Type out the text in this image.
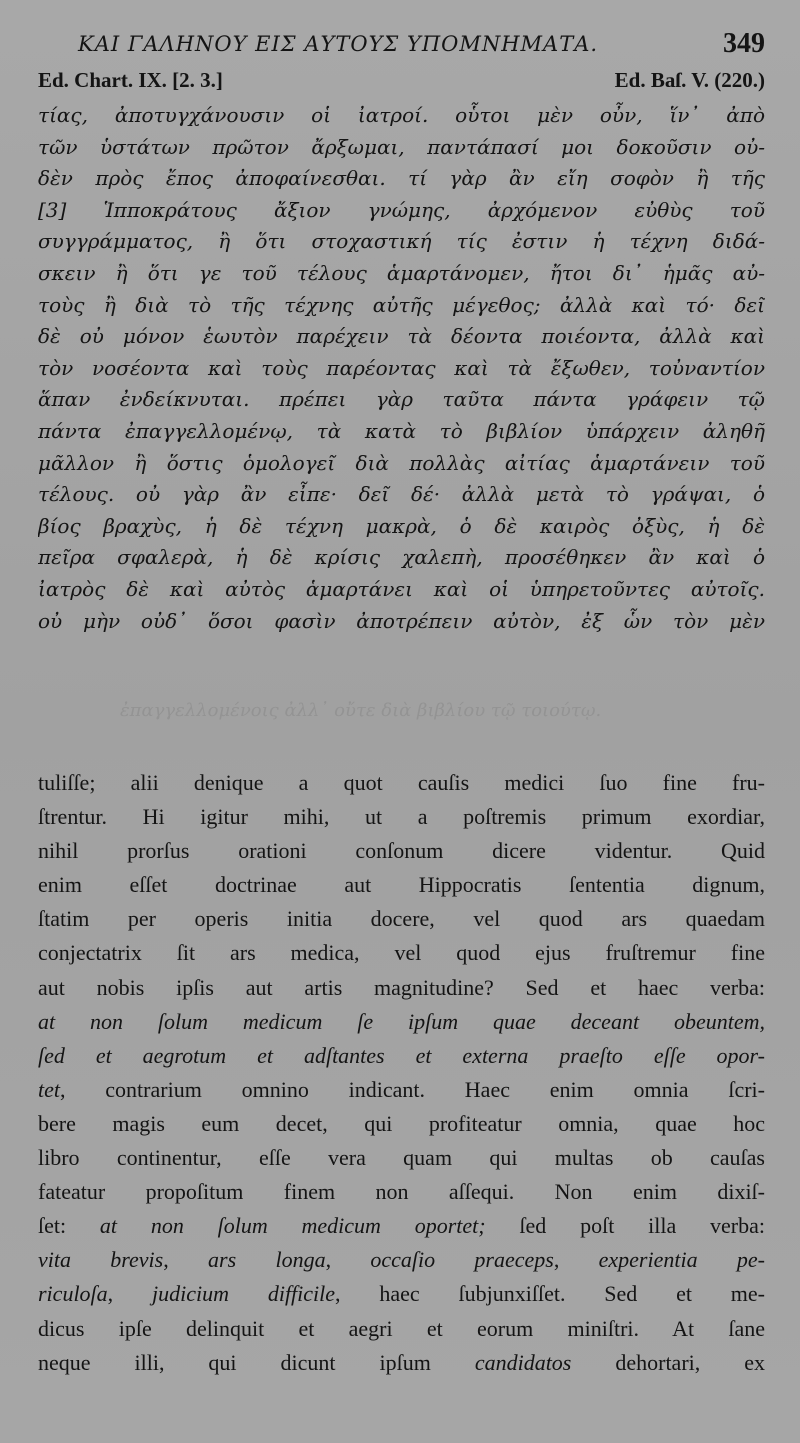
ΚΑΙ ΓΑΛΗΝΟΥ ΕΙΣ ΑΥΤΟΥΣ ΥΠΟΜΝΗΜΑΤΑ.	349
Ed. Chart. IX. [2. 3.]	Ed. Baſ. V. (220.)
τίας, ἀποτυγχάνουσιν οἱ ἰατροί. οὗτοι μὲν οὖν, ἵν᾽ ἀπὸ
τῶν ὑστάτων πρῶτον ἄρξωμαι, παντάπασί μοι δοκοῦσιν οὐ-
δὲν πρὸς ἔπος ἀποφαίνεσθαι. τί γὰρ ἂν εἴη σοφὸν ἢ τῆς
[3] Ἱπποκράτους ἄξιον γνώμης, ἀρχόμενον εὐθὺς τοῦ
συγγράμματος, ἢ ὅτι στοχαστική τίς ἐστιν ἡ τέχνη διδά-
σκειν ἢ ὅτι γε τοῦ τέλους ἁμαρτάνομεν, ἤτοι δι᾽ ἡμᾶς αὐ-
τοὺς ἢ διὰ τὸ τῆς τέχνης αὐτῆς μέγεθος; ἀλλὰ καὶ τό· δεῖ
δὲ οὐ μόνον ἑωυτὸν παρέχειν τὰ δέοντα ποιέοντα, ἀλλὰ καὶ
τὸν νοσέοντα καὶ τοὺς παρέοντας καὶ τὰ ἔξωθεν, τοὐναντίον
ἅπαν ἐνδείκνυται. πρέπει γὰρ ταῦτα πάντα γράφειν τῷ
πάντα ἐπαγγελλομένῳ, τὰ κατὰ τὸ βιβλίον ὑπάρχειν ἀληθῆ
μᾶλλον ἢ ὅστις ὁμολογεῖ διὰ πολλὰς αἰτίας ἁμαρτάνειν τοῦ
τέλους. οὐ γὰρ ἂν εἶπε· δεῖ δέ· ἀλλὰ μετὰ τὸ γράψαι, ὁ
βίος βραχὺς, ἡ δὲ τέχνη μακρὰ, ὁ δὲ καιρὸς ὀξὺς, ἡ δὲ
πεῖρα σφαλερὰ, ἡ δὲ κρίσις χαλεπὴ, προσέθηκεν ἂν καὶ ὁ
ἰατρὸς δὲ καὶ αὐτὸς ἁμαρτάνει καὶ οἱ ὑπηρετοῦντες αὐτοῖς.
οὐ μὴν οὐδ᾽ ὅσοι φασὶν ἀποτρέπειν αὐτὸν, ἐξ ὧν τὸν μὲν
ἐπαγγελλομένοις ἀλλ᾽ οὔτε διὰ βιβλίου τῷ τοιούτῳ.
tuliſſe; alii denique a quot cauſis medici ſuo fine fru-
ſtrentur. Hi igitur mihi, ut a poſtremis primum exordiar,
nihil prorſus orationi conſonum dicere videntur. Quid
enim eſſet doctrinae aut Hippocratis ſententia dignum,
ſtatim per operis initia docere, vel quod ars quaedam
conjectatrix ſit ars medica, vel quod ejus fruſtremur fine
aut nobis ipſis aut artis magnitudine? Sed et haec verba:
at non ſolum medicum ſe ipſum quae deceant obeuntem,
ſed et aegrotum et adſtantes et externa praeſto eſſe opor-
tet, contrarium omnino indicant. Haec enim omnia ſcri-
bere magis eum decet, qui profiteatur omnia, quae hoc
libro continentur, eſſe vera quam qui multas ob cauſas
fateatur propoſitum finem non aſſequi. Non enim dixiſ-
ſet: at non ſolum medicum oportet; ſed poſt illa verba:
vita brevis, ars longa, occaſio praeceps, experientia pe-
riculoſa, judicium difficile, haec ſubjunxiſſet. Sed et me-
dicus ipſe delinquit et aegri et eorum miniſtri. At ſane
neque illi, qui dicunt ipſum candidatos dehortari, ex
